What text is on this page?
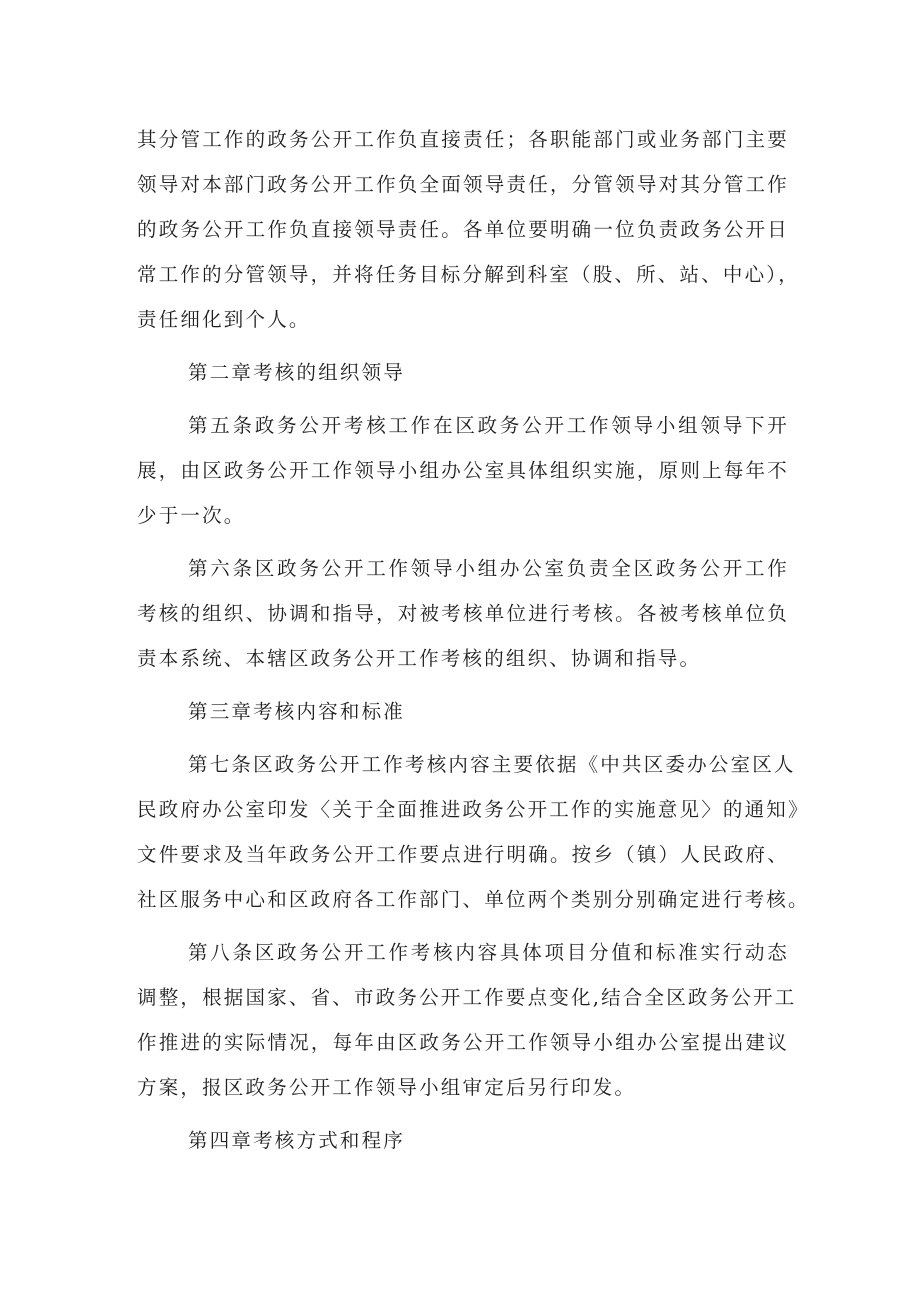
其分管工作的政务公开工作负直接责任；各职能部门或业务部门主要
领导对本部门政务公开工作负全面领导责任，分管领导对其分管工作
的政务公开工作负直接领导责任。各单位要明确一位负责政务公开日
常工作的分管领导，并将任务目标分解到科室（股、所、站、中心），
责任细化到个人。
第二章考核的组织领导
第五条政务公开考核工作在区政务公开工作领导小组领导下开
展，由区政务公开工作领导小组办公室具体组织实施，原则上每年不
少于一次。
第六条区政务公开工作领导小组办公室负责全区政务公开工作
考核的组织、协调和指导，对被考核单位进行考核。各被考核单位负
责本系统、本辖区政务公开工作考核的组织、协调和指导。
第三章考核内容和标准
第七条区政务公开工作考核内容主要依据《中共区委办公室区人
民政府办公室印发〈关于全面推进政务公开工作的实施意见〉的通知》
文件要求及当年政务公开工作要点进行明确。按乡（镇）人民政府、
社区服务中心和区政府各工作部门、单位两个类别分别确定进行考核。
第八条区政务公开工作考核内容具体项目分值和标准实行动态
调整，根据国家、省、市政务公开工作要点变化,结合全区政务公开工
作推进的实际情况，每年由区政务公开工作领导小组办公室提出建议
方案，报区政务公开工作领导小组审定后另行印发。
第四章考核方式和程序
